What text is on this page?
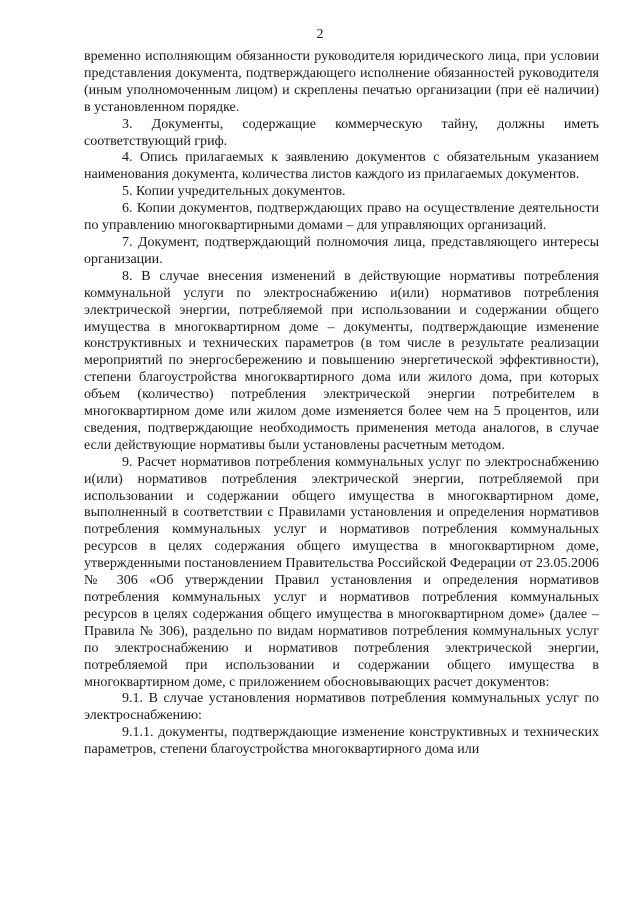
2

временно исполняющим обязанности руководителя юридического лица, при условии представления документа, подтверждающего исполнение обязанностей руководителя (иным уполномоченным лицом) и скреплены печатью организации (при её наличии) в установленном порядке.

3. Документы, содержащие коммерческую тайну, должны иметь соответствующий гриф.

4. Опись прилагаемых к заявлению документов с обязательным указанием наименования документа, количества листов каждого из прилагаемых документов.

5. Копии учредительных документов.

6. Копии документов, подтверждающих право на осуществление деятельности по управлению многоквартирными домами – для управляющих организаций.

7. Документ, подтверждающий полномочия лица, представляющего интересы организации.

8. В случае внесения изменений в действующие нормативы потребления коммунальной услуги по электроснабжению и(или) нормативов потребления электрической энергии, потребляемой при использовании и содержании общего имущества в многоквартирном доме – документы, подтверждающие изменение конструктивных и технических параметров (в том числе в результате реализации мероприятий по энергосбережению и повышению энергетической эффективности), степени благоустройства многоквартирного дома или жилого дома, при которых объем (количество) потребления электрической энергии потребителем в многоквартирном доме или жилом доме изменяется более чем на 5 процентов, или сведения, подтверждающие необходимость применения метода аналогов, в случае если действующие нормативы были установлены расчетным методом.

9. Расчет нормативов потребления коммунальных услуг по электроснабжению и(или) нормативов потребления электрической энергии, потребляемой при использовании и содержании общего имущества в многоквартирном доме, выполненный в соответствии с Правилами установления и определения нормативов потребления коммунальных услуг и нормативов потребления коммунальных ресурсов в целях содержания общего имущества в многоквартирном доме, утвержденными постановлением Правительства Российской Федерации от 23.05.2006 № 306 «Об утверждении Правил установления и определения нормативов потребления коммунальных услуг и нормативов потребления коммунальных ресурсов в целях содержания общего имущества в многоквартирном доме» (далее – Правила № 306), раздельно по видам нормативов потребления коммунальных услуг по электроснабжению и нормативов потребления электрической энергии, потребляемой при использовании и содержании общего имущества в многоквартирном доме, с приложением обосновывающих расчет документов:

9.1. В случае установления нормативов потребления коммунальных услуг по электроснабжению:

9.1.1. документы, подтверждающие изменение конструктивных и технических параметров, степени благоустройства многоквартирного дома или
